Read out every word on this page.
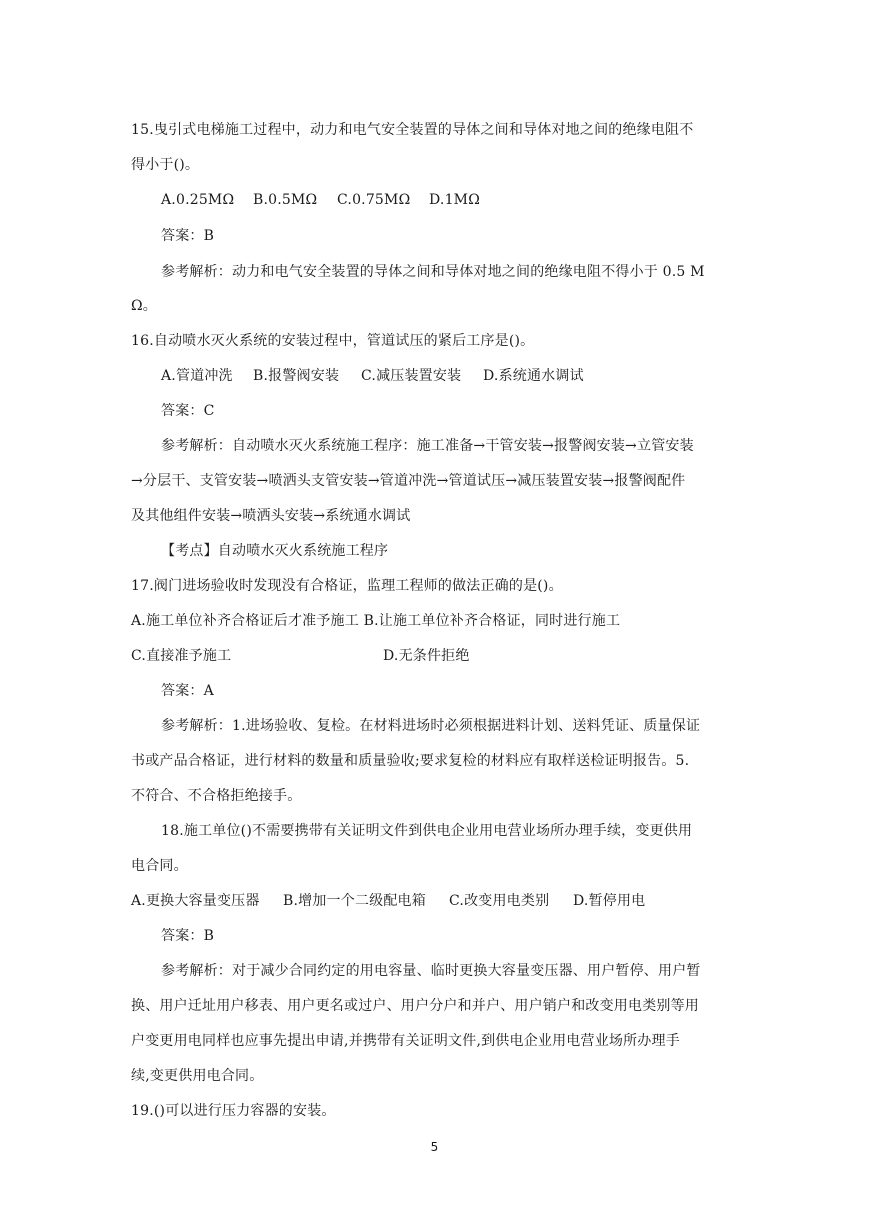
15.曳引式电梯施工过程中，动力和电气安全装置的导体之间和导体对地之间的绝缘电阻不
得小于()。
A.0.25MΩ B.0.5MΩ C.0.75MΩ D.1MΩ
答案：B
参考解析：动力和电气安全装置的导体之间和导体对地之间的绝缘电阻不得小于 0.5 M
Ω。
16.自动喷水灭火系统的安装过程中，管道试压的紧后工序是()。
A.管道冲洗 B.报警阀安装 C.减压装置安装 D.系统通水调试
答案：C
参考解析：自动喷水灭火系统施工程序：施工准备→干管安装→报警阀安装→立管安装
→分层干、支管安装→喷洒头支管安装→管道冲洗→管道试压→减压装置安装→报警阀配件
及其他组件安装→喷洒头安装→系统通水调试
【考点】自动喷水灭火系统施工程序
17.阀门进场验收时发现没有合格证，监理工程师的做法正确的是()。
A.施工单位补齐合格证后才准予施工 B.让施工单位补齐合格证，同时进行施工
C.直接准予施工	D.无条件拒绝
答案：A
参考解析：1.进场验收、复检。在材料进场时必须根据进料计划、送料凭证、质量保证
书或产品合格证，进行材料的数量和质量验收;要求复检的材料应有取样送检证明报告。5.
不符合、不合格拒绝接手。
18.施工单位()不需要携带有关证明文件到供电企业用电营业场所办理手续，变更供用
电合同。
A.更换大容量变压器 B.增加一个二级配电箱 C.改变用电类别 D.暂停用电
答案：B
参考解析：对于减少合同约定的用电容量、临时更换大容量变压器、用户暂停、用户暂
换、用户迁址用户移表、用户更名或过户、用户分户和并户、用户销户和改变用电类别等用
户变更用电同样也应事先提出申请,并携带有关证明文件,到供电企业用电营业场所办理手
续,变更供用电合同。
19.()可以进行压力容器的安装。
5
